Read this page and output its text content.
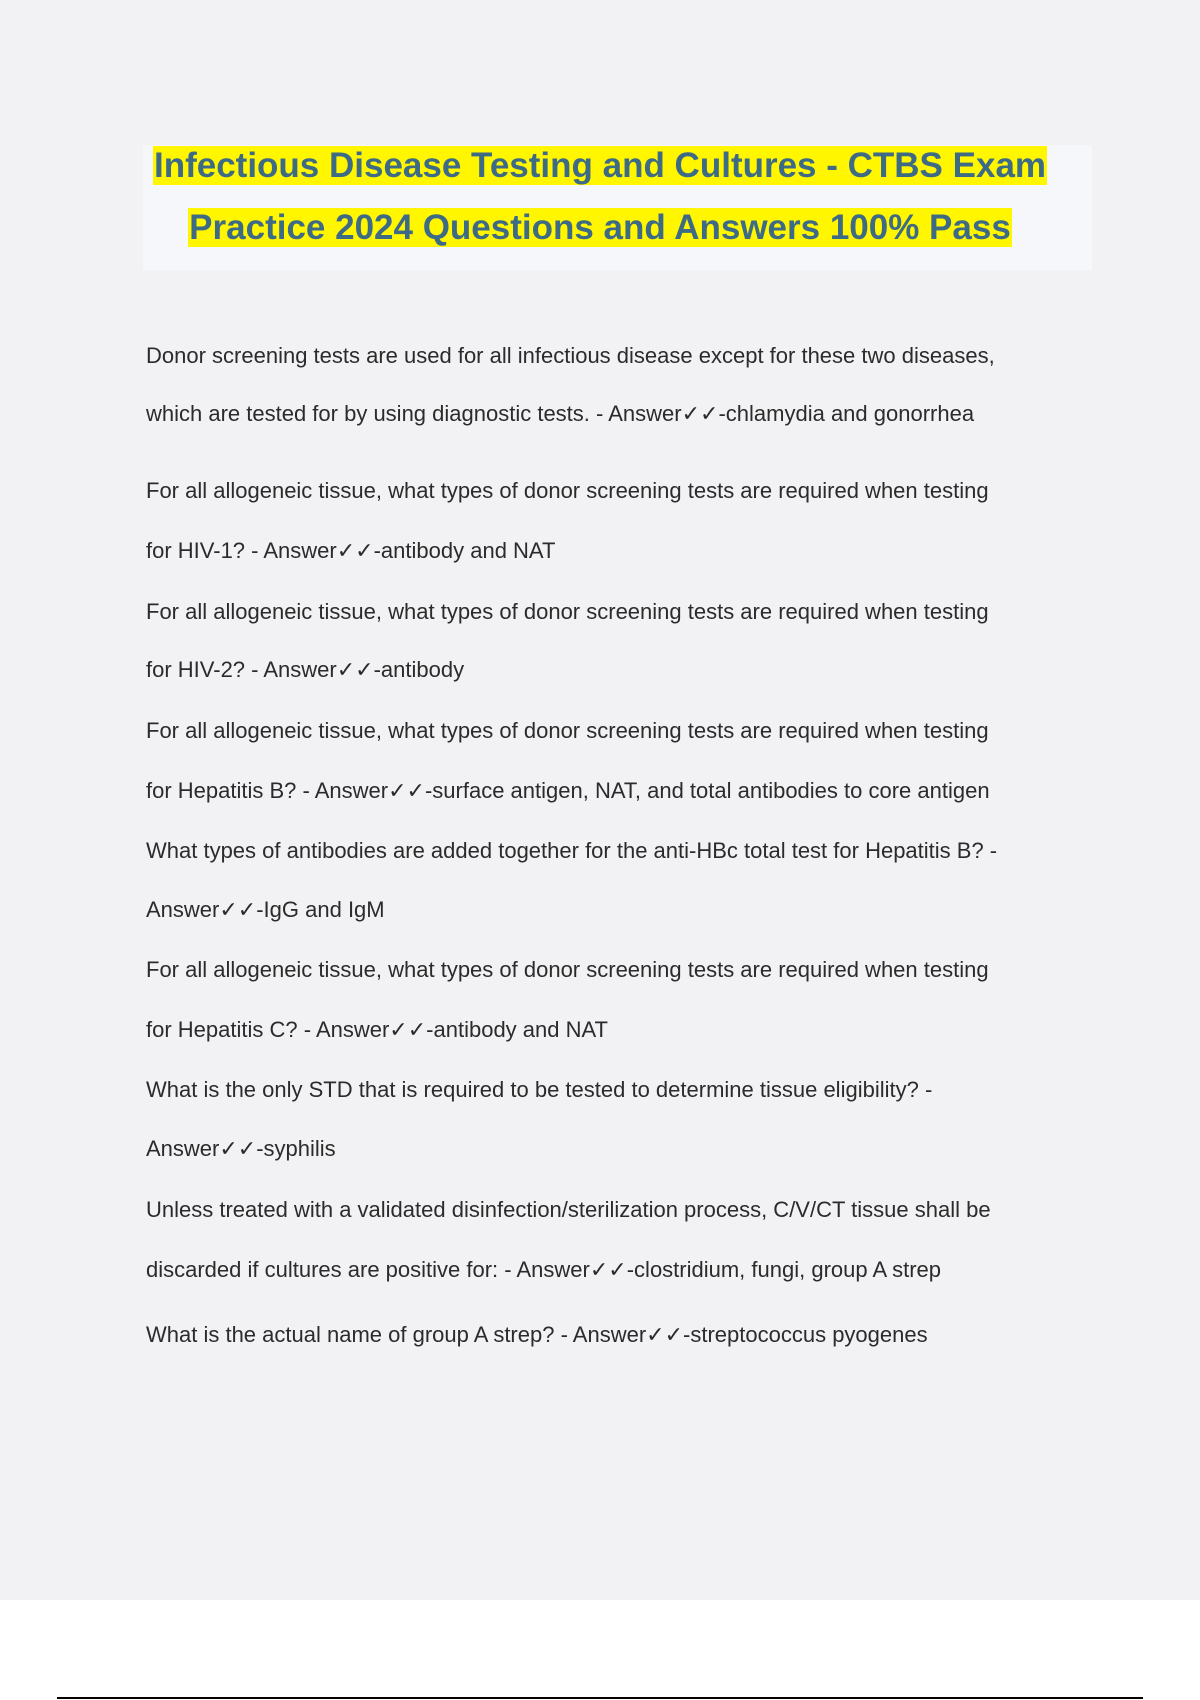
Infectious Disease Testing and Cultures - CTBS Exam
Practice 2024 Questions and Answers 100% Pass
Donor screening tests are used for all infectious disease except for these two diseases,
which are tested for by using diagnostic tests. - Answer✓✓-chlamydia and gonorrhea
For all allogeneic tissue, what types of donor screening tests are required when testing
for HIV-1? - Answer✓✓-antibody and NAT
For all allogeneic tissue, what types of donor screening tests are required when testing
for HIV-2? - Answer✓✓-antibody
For all allogeneic tissue, what types of donor screening tests are required when testing
for Hepatitis B? - Answer✓✓-surface antigen, NAT, and total antibodies to core antigen
What types of antibodies are added together for the anti-HBc total test for Hepatitis B? -
Answer✓✓-IgG and IgM
For all allogeneic tissue, what types of donor screening tests are required when testing
for Hepatitis C? - Answer✓✓-antibody and NAT
What is the only STD that is required to be tested to determine tissue eligibility? -
Answer✓✓-syphilis
Unless treated with a validated disinfection/sterilization process, C/V/CT tissue shall be
discarded if cultures are positive for: - Answer✓✓-clostridium, fungi, group A strep
What is the actual name of group A strep? - Answer✓✓-streptococcus pyogenes
